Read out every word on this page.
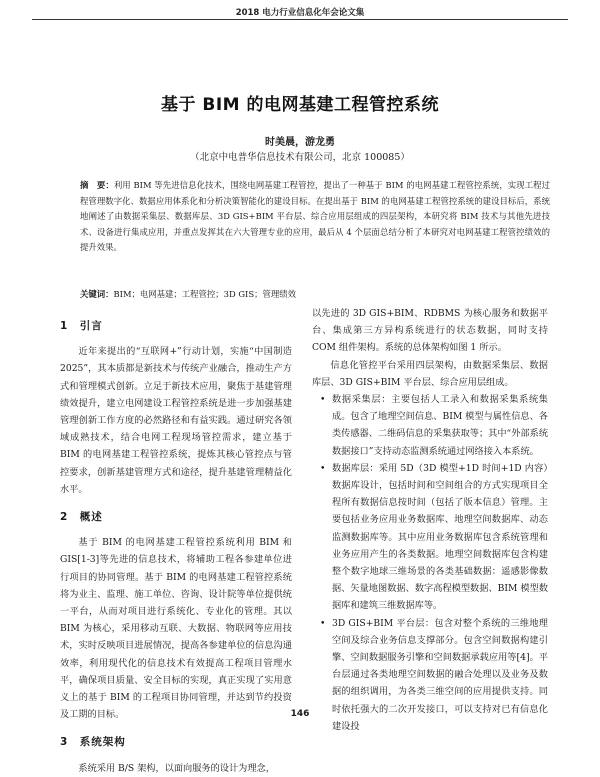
2018 电力行业信息化年会论文集
基于 BIM 的电网基建工程管控系统
时美晨，游龙勇
（北京中电普华信息技术有限公司，北京 100085）
摘　要：利用 BIM 等先进信息化技术，围绕电网基建工程管控，提出了一种基于 BIM 的电网基建工程管控系统，实现工程过程管理数字化、数据应用体系化和分析决策智能化的建设目标。在提出基于 BIM 的电网基建工程管控系统的建设目标后，系统地阐述了由数据采集层、数据库层、3D GIS+BIM 平台层、综合应用层组成的四层架构，本研究将 BIM 技术与其他先进技术、设备进行集成应用，并重点发挥其在六大管理专业的应用，最后从 4 个层面总结分析了本研究对电网基建工程管控绩效的提升效果。
关键词：BIM；电网基建；工程管控；3D GIS；管理绩效
1　引言

近年来提出的“互联网+”行动计划，实施“中国制造 2025”，其本质都是新技术与传统产业融合，推动生产方式和管理模式创新。立足于新技术应用，聚焦于基建管理绩效提升，建立电网建设工程管控系统是进一步加强基建管理创新工作方度的必然路径和有益实践。通过研究各领域成熟技术，结合电网工程现场管控需求，建立基于 BIM 的电网基建工程管控系统，提炼其核心管控点与管控要求，创新基建管理方式和途径，提升基建管理精益化水平。

2　概述

基于 BIM 的电网基建工程管控系统利用 BIM 和 GIS[1-3]等先进的信息技术，将辅助工程各参建单位进行项目的协同管理。基于 BIM 的电网基建工程管控系统将为业主、监理、施工单位、咨询、设计院等单位提供统一平台，从而对项目进行系统化、专业化的管理。其以 BIM 为核心，采用移动互联、大数据、物联网等应用技术，实时反映项目进展情况，提高各参建单位的信息沟通效率，利用现代化的信息技术有效提高工程项目管理水平，确保项目质量、安全目标的实现，真正实现了实用意义上的基于 BIM 的工程项目协同管理，并达到节约投资及工期的目标。

3　系统架构

系统采用 B/S 架构，以面向服务的设计为理念，

以先进的 3D GIS+BIM、RDBMS 为核心服务和数据平台、集成第三方异构系统进行的状态数据，同时支持 COM 组件架构。系统的总体架构如图 1 所示。

信息化管控平台采用四层架构，由数据采集层、数据库层、3D GIS+BIM 平台层、综合应用层组成。

• 数据采集层：主要包括人工录入和数据采集系统集成。包含了地理空间信息、BIM 模型与属性信息、各类传感器、二维码信息的采集获取等；其中“外部系统数据接口”支持动态监测系统通过网络接入本系统。
• 数据库层：采用 5D（3D 模型+1D 时间+1D 内容）数据库设计，包括时间和空间组合的方式实现项目全程所有数据信息按时间（包括了版本信息）管理。主要包括业务应用业务数据库、地理空间数据库、动态监测数据库等。其中应用业务数据库包含系统管理和业务应用产生的各类数据。地理空间数据库包含构建整个数字地球三维场景的各类基础数据：遥感影像数据、矢量地图数据、数字高程模型数据、BIM 模型数据库和建筑三维数据库等。
• 3D GIS+BIM 平台层：包含对整个系统的三维地理空间及综合业务信息支撑部分。包含空间数据构建引擎、空间数据服务引擎和空间数据承载应用等[4]。平台层通过各类地理空间数据的融合处理以及业务及数据的组织调用，为各类三维空间的应用提供支持。同时依托强大的二次开发接口，可以支持对已有信息化建设投
146
